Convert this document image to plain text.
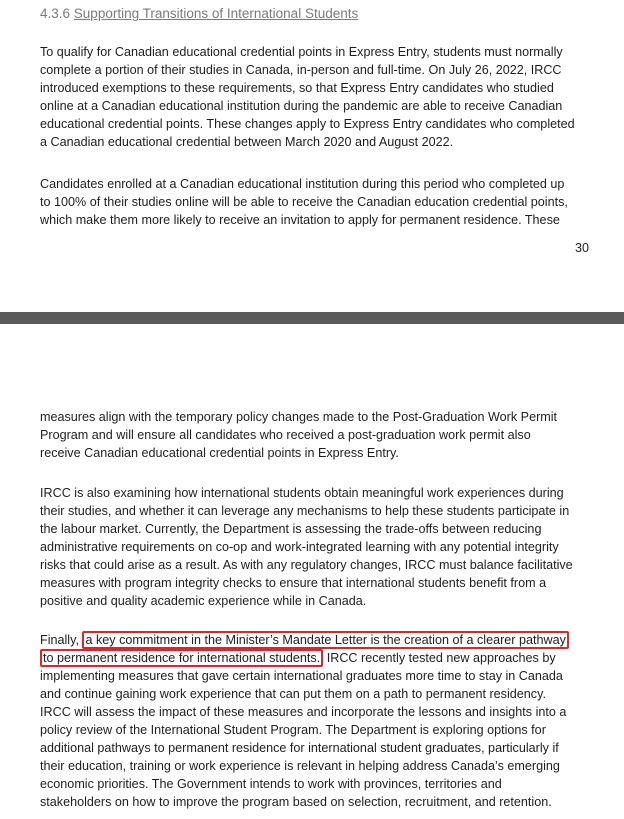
4.3.6 Supporting Transitions of International Students
To qualify for Canadian educational credential points in Express Entry, students must normally
complete a portion of their studies in Canada, in-person and full-time. On July 26, 2022, IRCC
introduced exemptions to these requirements, so that Express Entry candidates who studied
online at a Canadian educational institution during the pandemic are able to receive Canadian
educational credential points. These changes apply to Express Entry candidates who completed
a Canadian educational credential between March 2020 and August 2022.
Candidates enrolled at a Canadian educational institution during this period who completed up
to 100% of their studies online will be able to receive the Canadian education credential points,
which make them more likely to receive an invitation to apply for permanent residence. These
30
measures align with the temporary policy changes made to the Post-Graduation Work Permit
Program and will ensure all candidates who received a post-graduation work permit also
receive Canadian educational credential points in Express Entry.
IRCC is also examining how international students obtain meaningful work experiences during
their studies, and whether it can leverage any mechanisms to help these students participate in
the labour market. Currently, the Department is assessing the trade-offs between reducing
administrative requirements on co-op and work-integrated learning with any potential integrity
risks that could arise as a result. As with any regulatory changes, IRCC must balance facilitative
measures with program integrity checks to ensure that international students benefit from a
positive and quality academic experience while in Canada.
Finally, a key commitment in the Minister’s Mandate Letter is the creation of a clearer pathway
to permanent residence for international students. IRCC recently tested new approaches by
implementing measures that gave certain international graduates more time to stay in Canada
and continue gaining work experience that can put them on a path to permanent residency.
IRCC will assess the impact of these measures and incorporate the lessons and insights into a
policy review of the International Student Program. The Department is exploring options for
additional pathways to permanent residence for international student graduates, particularly if
their education, training or work experience is relevant in helping address Canada’s emerging
economic priorities. The Government intends to work with provinces, territories and
stakeholders on how to improve the program based on selection, recruitment, and retention.
